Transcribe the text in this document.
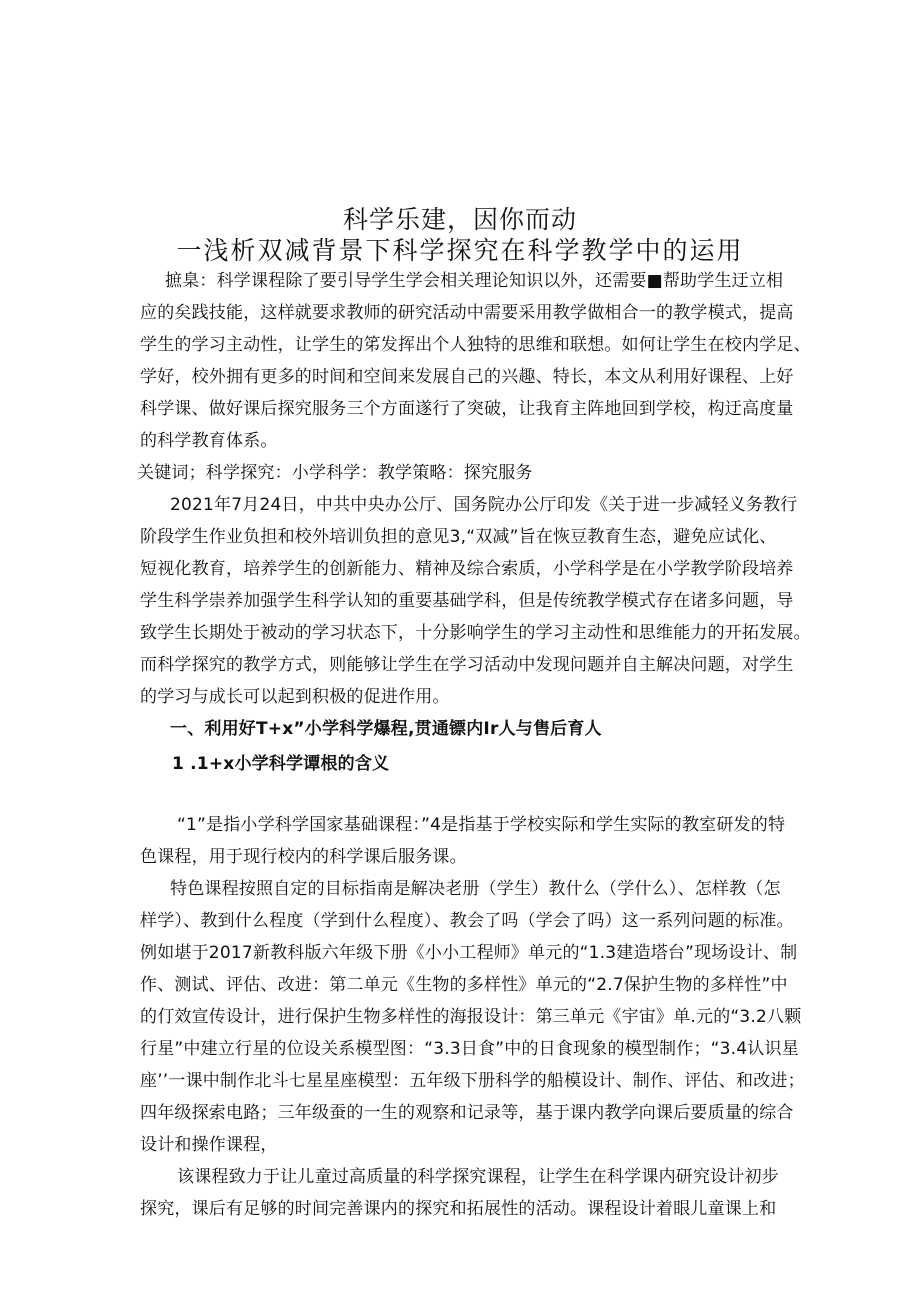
科学乐建，因你而动
一浅析双减背景下科学探究在科学教学中的运用
摭臬：科学课程除了要引导学生学会相关理论知识以外，还需要■帮助学生迂立相
应的矣践技能，这样就要求教师的研究活动中需要采用教学做相合一的教学模式，提高
学生的学习主动性，让学生的笫发挥出个人独特的思维和联想。如何让学生在校内学足、
学好，校外拥有更多的时间和空间来发展自己的兴趣、特长，本文从利用好课程、上好
科学课、做好课后探究服务三个方面遂行了突破，让我育主阵地回到学校，构迂高度量
的科学教育体系。
关键词；科学探究：小学科学：教学策略：探究服务
2021年7月24日，中共中央办公厅、国务院办公厅印发《关于进一步减轻义务教行
阶段学生作业负担和校外培训负担的意见3,“双减”旨在恢豆教育生态，避免应试化、
短视化教育，培养学生的创新能力、精神及综合索质，小学科学是在小学教学阶段培养
学生科学崇养加强学生科学认知的重要基础学科，但是传统教学模式存在诸多问题，导
致学生长期处于被动的学习状态下，十分影响学生的学习主动性和思维能力的开拓发展。
而科学探究的教学方式，则能够让学生在学习活动中发现问题并自主解决问题，对学生
的学习与成长可以起到积极的促进作用。
一、利用好T+x”小学科学爆程,贯通镖内Ir人与售后育人
1 .1+x小学科学谭根的含义
“1”是指小学科学国家基础课程：”4是指基于学校实际和学生实际的教室研发的特
色课程，用于现行校内的科学课后服务课。
特色课程按照自定的目标指南是解决老册（学生）教什么（学什么）、怎样教（怎
样学）、教到什么程度（学到什么程度）、教会了吗（学会了吗）这一系列问题的标准。
例如堪于2017新教科版六年级下册《小小工程师》单元的“1.3建造塔台”现场设计、制
作、测试、评估、改进：第二单元《生物的多样性》单元的“2.7保护生物的多样性”中
的仃效宣传设计，进行保护生物多样性的海报设计：第三单元《宇宙》单.元的“3.2八颗
行星”中建立行星的位设关系模型图：“3.3日食”中的日食现象的模型制作；“3.4认识星
座’’一课中制作北斗七星星座模型：五年级下册科学的船模设计、制作、评估、和改进；
四年级探索电路；三年级蚕的一生的观察和记录等，基于课内教学向课后要质量的综合
设计和操作课程，
该课程致力于让儿童过高质量的科学探究课程，让学生在科学课内研究设计初步
探究，课后有足够的时间完善课内的探究和拓展性的活动。课程设计着眼儿童课上和
